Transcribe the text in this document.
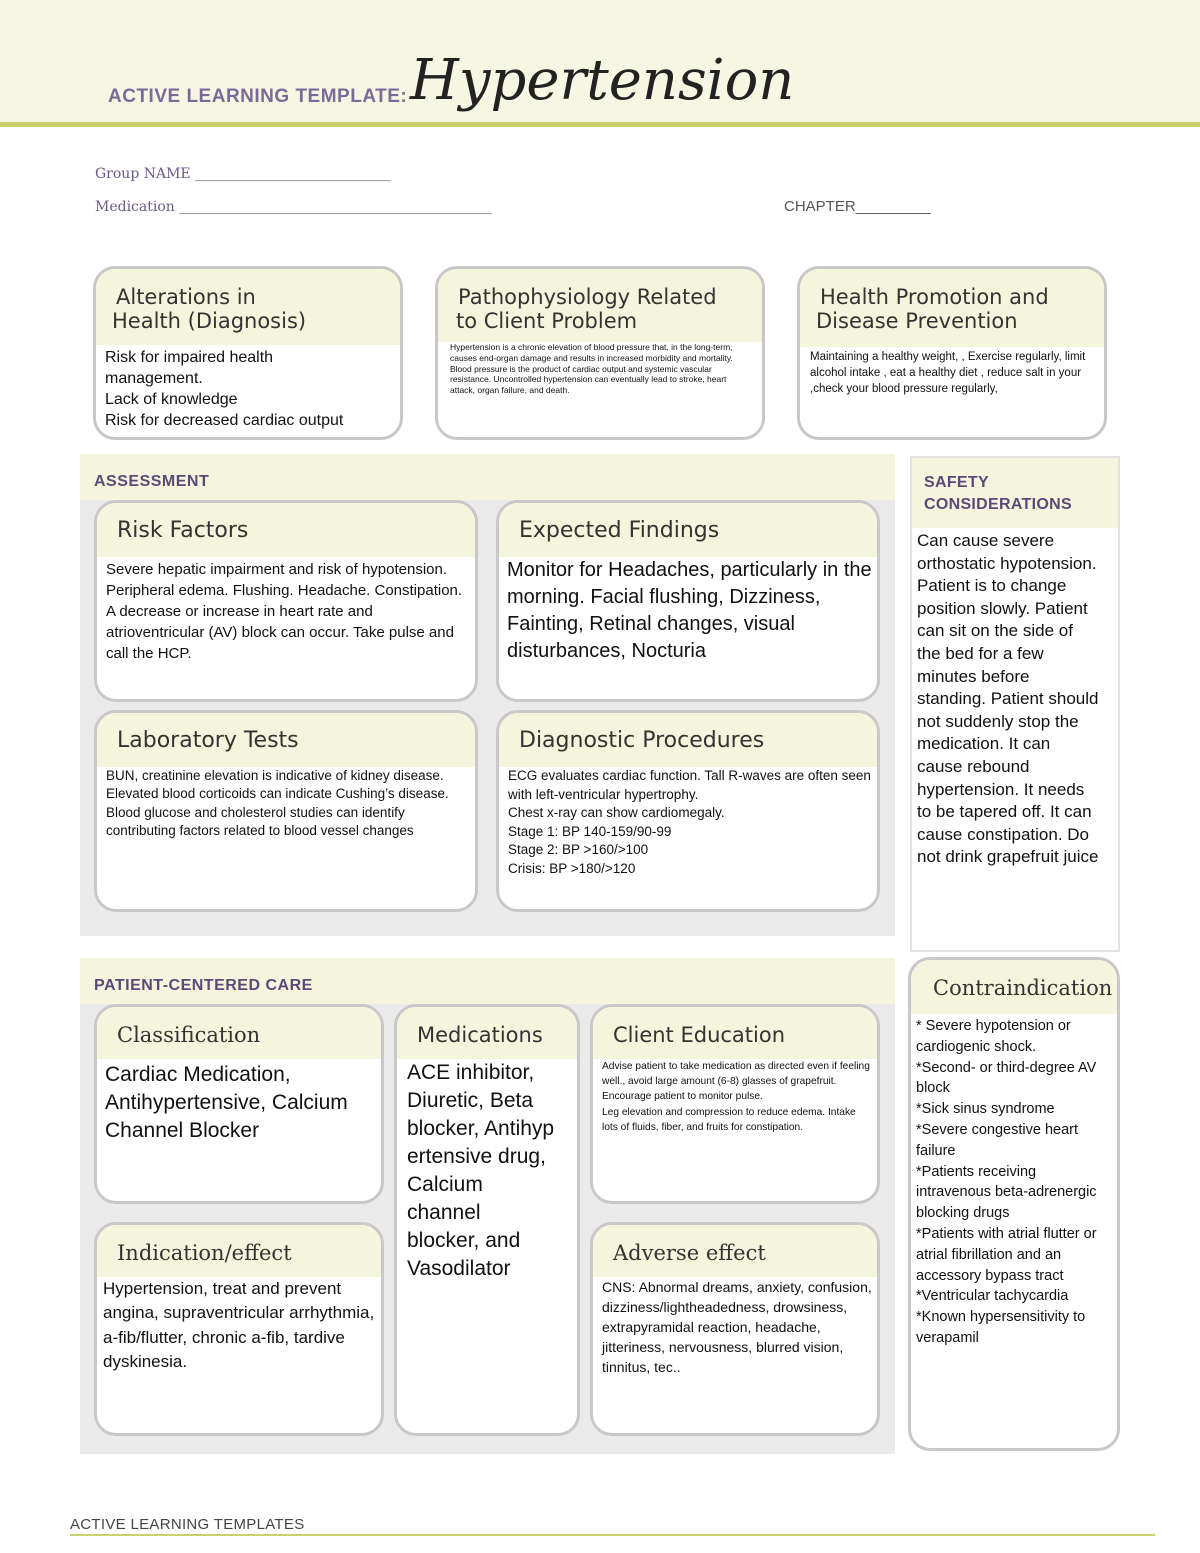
ACTIVE LEARNING TEMPLATE: Hypertension
Group NAME ______________________________
Medication ________________________________________________	CHAPTER_________
Alterations in
Health (Diagnosis)
Risk for impaired health
management.
Lack of knowledge
Risk for decreased cardiac output
Pathophysiology Related
to Client Problem
Hypertension is a chronic elevation of blood pressure that, in the long-term, causes end-organ damage and results in increased morbidity and mortality. Blood pressure is the product of cardiac output and systemic vascular resistance. Uncontrolled hypertension can eventually lead to stroke, heart attack, organ failure, and death.
Health Promotion and
Disease Prevention
Maintaining a healthy weight, , Exercise regularly, limit alcohol intake , eat a healthy diet , reduce salt in your ,check your blood pressure regularly,
ASSESSMENT
Risk Factors
Severe hepatic impairment and risk of hypotension. Peripheral edema. Flushing. Headache. Constipation. A decrease or increase in heart rate and atrioventricular (AV) block can occur. Take pulse and call the HCP.
Expected Findings
Monitor for Headaches, particularly in the morning. Facial flushing, Dizziness, Fainting, Retinal changes, visual disturbances, Nocturia
Laboratory Tests
BUN, creatinine elevation is indicative of kidney disease.
Elevated blood corticoids can indicate Cushing’s disease.
Blood glucose and cholesterol studies can identify contributing factors related to blood vessel changes
Diagnostic Procedures
ECG evaluates cardiac function. Tall R-waves are often seen with left-ventricular hypertrophy.
Chest x-ray can show cardiomegaly.
Stage 1: BP 140-159/90-99
Stage 2: BP >160/>100
Crisis: BP >180/>120
SAFETY
CONSIDERATIONS
Can cause severe
orthostatic hypotension.
Patient is to change
position slowly. Patient
can sit on the side of
the bed for a few
minutes before
standing. Patient should
not suddenly stop the
medication. It can
cause rebound
hypertension. It needs
to be tapered off. It can
cause constipation. Do
not drink grapefruit juice
PATIENT-CENTERED CARE
Classification
Cardiac Medication, Antihypertensive, Calcium Channel Blocker
Medications
ACE inhibitor,
Diuretic, Beta
blocker, Antihyp
ertensive drug,
Calcium
channel
blocker, and
Vasodilator
Client Education
Advise patient to take medication as directed even if feeling well., avoid large amount (6-8) glasses of grapefruit. Encourage patient to monitor pulse.
Leg elevation and compression to reduce edema. Intake lots of fluids, fiber, and fruits for constipation.
Indication/effect
Hypertension, treat and prevent angina, supraventricular arrhythmia, a-fib/flutter, chronic a-fib, tardive dyskinesia.
Adverse effect
CNS: Abnormal dreams, anxiety, confusion, dizziness/lightheadedness, drowsiness, extrapyramidal reaction, headache, jitteriness, nervousness, blurred vision, tinnitus, tec..
Contraindication
* Severe hypotension or cardiogenic shock.
*Second- or third-degree AV block
*Sick sinus syndrome
*Severe congestive heart failure
*Patients receiving intravenous beta-adrenergic blocking drugs
*Patients with atrial flutter or atrial fibrillation and an accessory bypass tract
*Ventricular tachycardia
*Known hypersensitivity to verapamil
ACTIVE LEARNING TEMPLATES
